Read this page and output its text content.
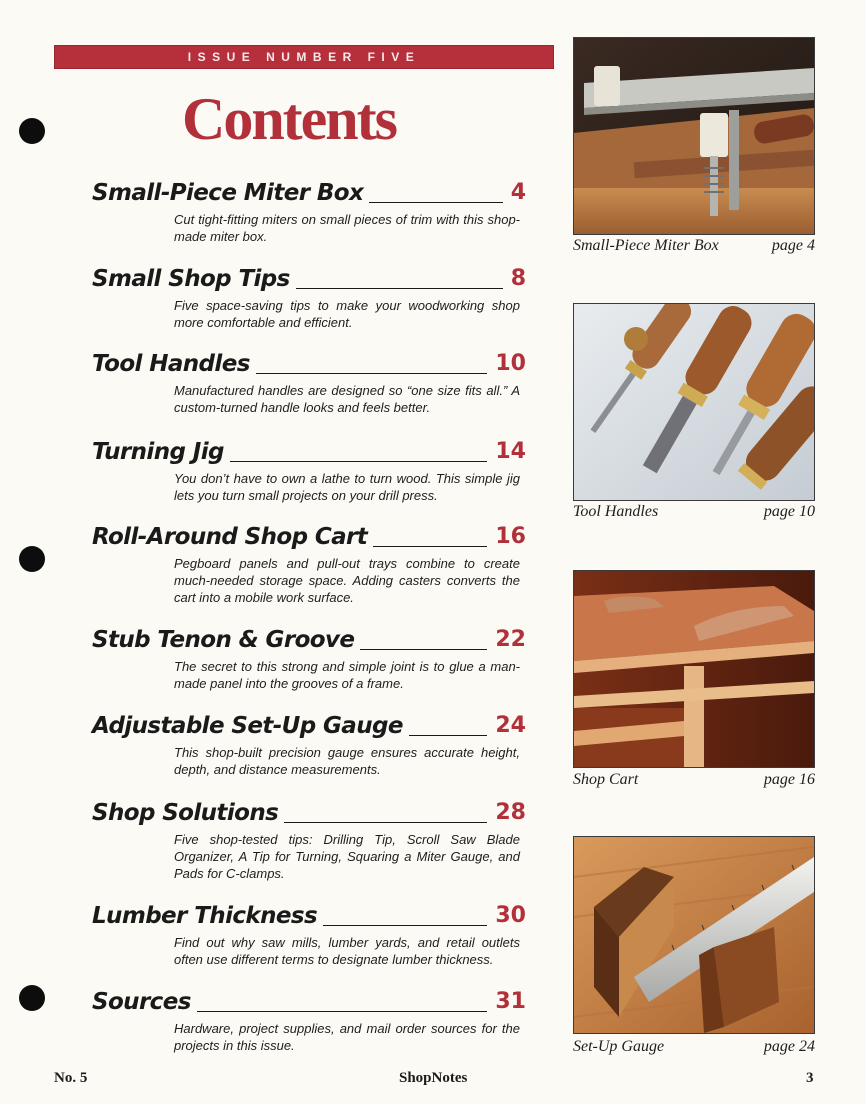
ISSUE NUMBER FIVE
Contents
Small-Piece Miter Box	4
Cut tight-fitting miters on small pieces of trim with this shop-made miter box.
Small Shop Tips	8
Five space-saving tips to make your woodworking shop more comfortable and efficient.
Tool Handles	10
Manufactured handles are designed so “one size fits all.” A custom-turned handle looks and feels better.
Turning Jig	14
You don’t have to own a lathe to turn wood. This simple jig lets you turn small projects on your drill press.
Roll-Around Shop Cart	16
Pegboard panels and pull-out trays combine to create much-needed storage space. Adding casters converts the cart into a mobile work surface.
Stub Tenon & Groove	22
The secret to this strong and simple joint is to glue a man-made panel into the grooves of a frame.
Adjustable Set-Up Gauge	24
This shop-built precision gauge ensures accurate height, depth, and distance measurements.
Shop Solutions	28
Five shop-tested tips: Drilling Tip, Scroll Saw Blade Organizer, A Tip for Turning, Squaring a Miter Gauge, and Pads for C-clamps.
Lumber Thickness	30
Find out why saw mills, lumber yards, and retail outlets often use different terms to designate lumber thickness.
Sources	31
Hardware, project supplies, and mail order sources for the projects in this issue.
Small-Piece Miter Box	page 4
Tool Handles	page 10
Shop Cart	page 16
Set-Up Gauge	page 24
No. 5	ShopNotes	3
